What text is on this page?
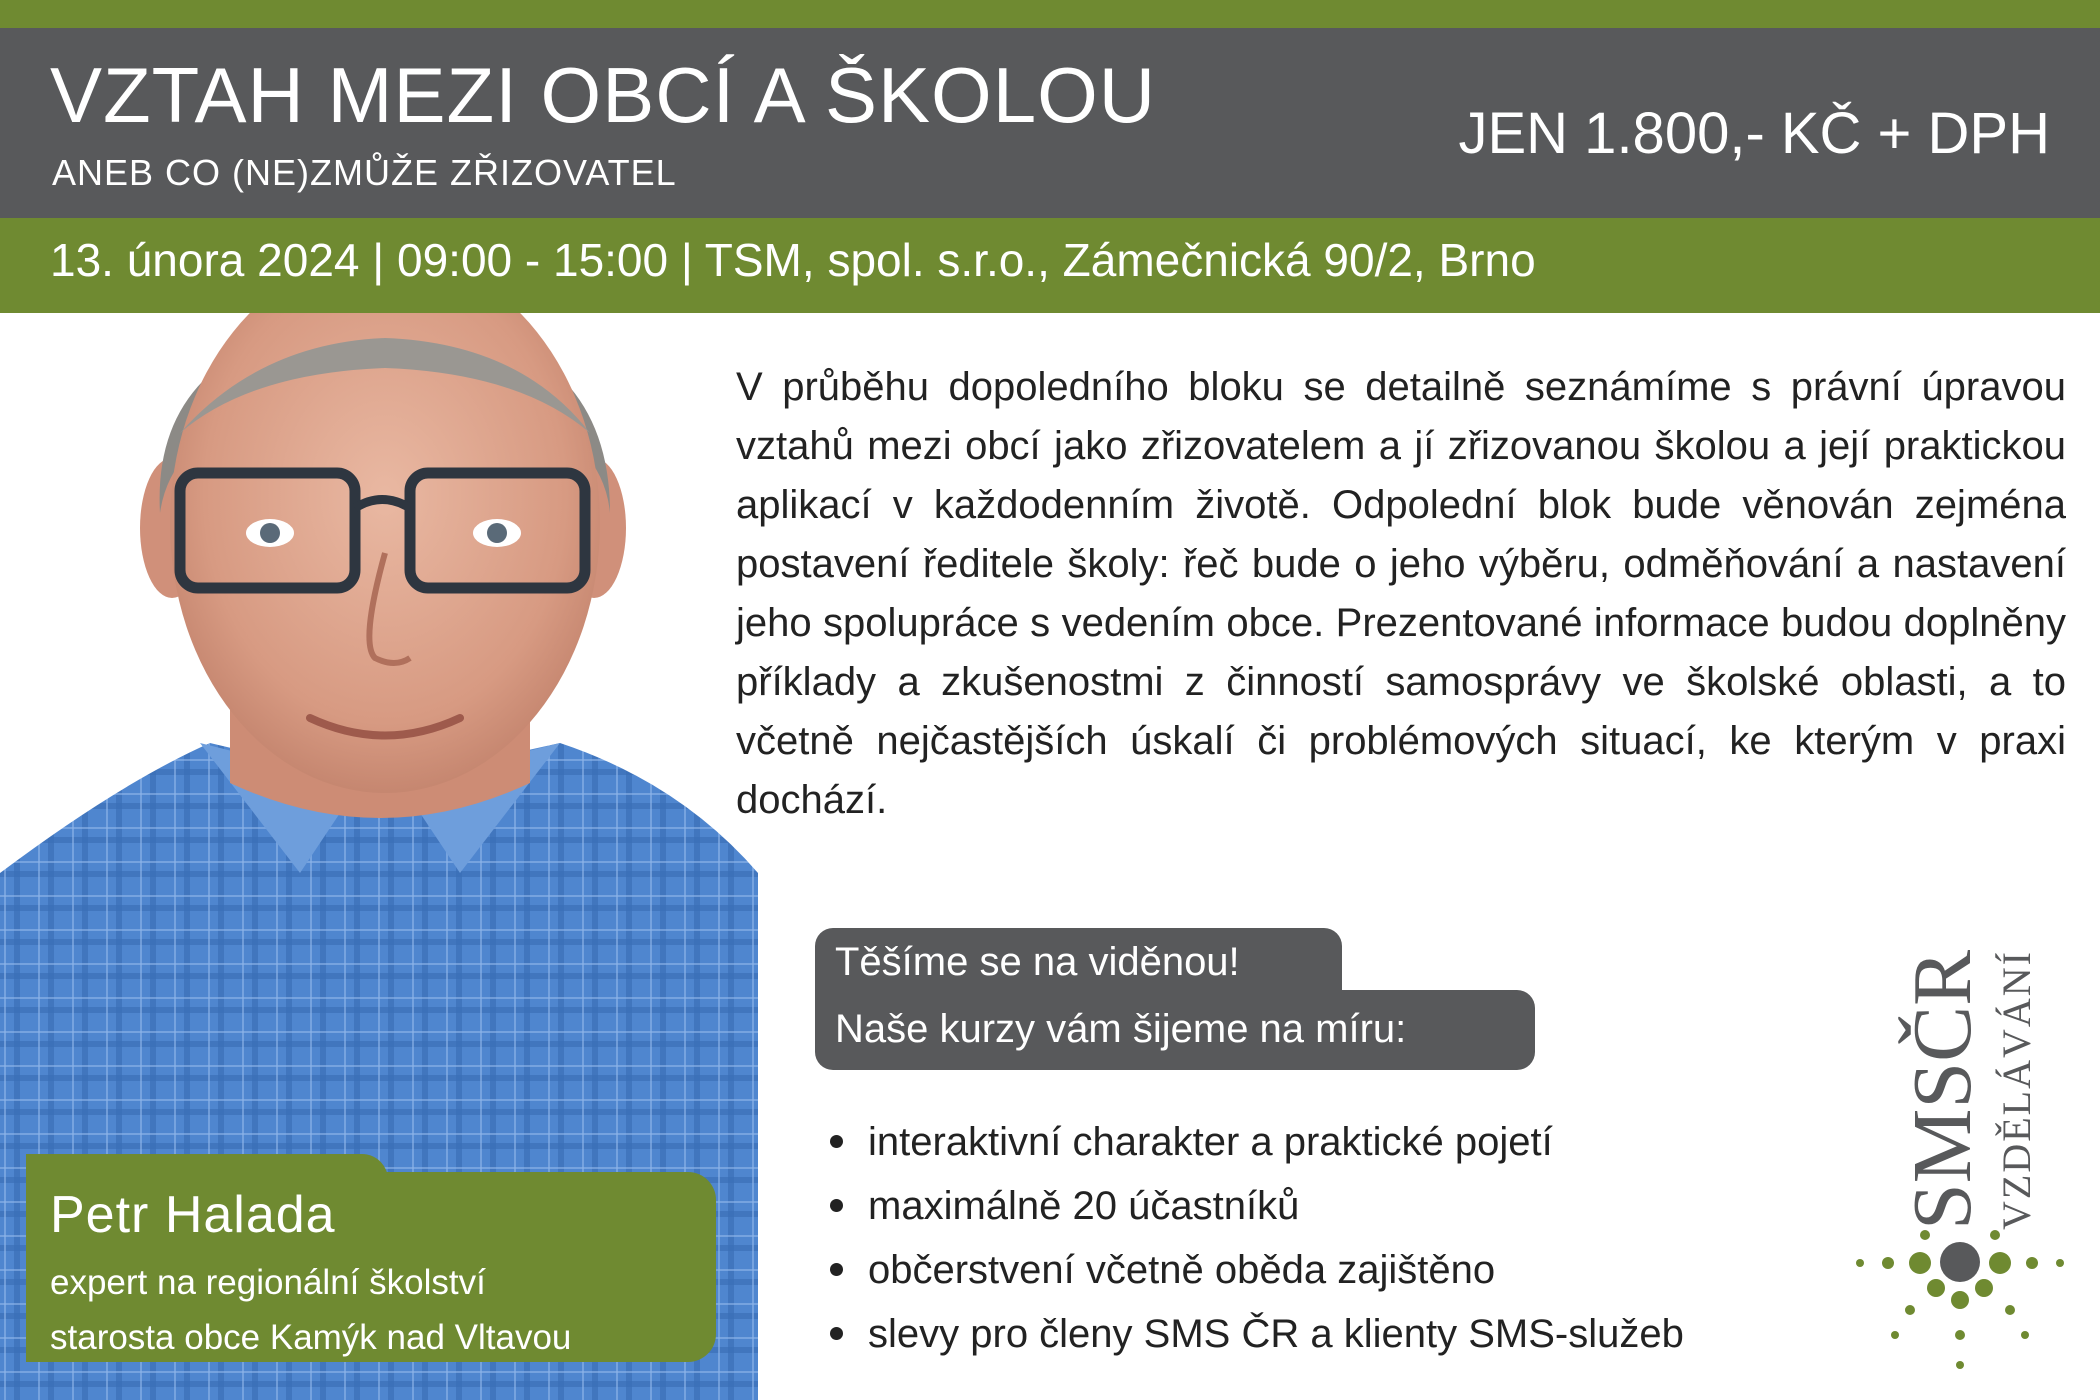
VZTAH MEZI OBCÍ A ŠKOLOU
ANEB CO (NE)ZMŮŽE ZŘIZOVATEL
JEN 1.800,- KČ + DPH
13. února 2024 | 09:00 - 15:00 | TSM, spol. s.r.o., Zámečnická 90/2, Brno
Petr Halada
expert na regionální školství
starosta obce Kamýk nad Vltavou
V průběhu dopoledního bloku se detailně seznámíme s právní úpravou vztahů mezi obcí jako zřizovatelem a jí zřizovanou školou a její praktickou aplikací v každodenním životě. Odpolední blok bude věnován zejména postavení ředitele školy: řeč bude o jeho výběru, odměňování a nastavení jeho spolupráce s vedením obce. Prezentované informace budou doplněny příklady a zkušenostmi z činností samosprávy ve školské oblasti, a to včetně nejčastějších úskalí či problémových situací, ke kterým v praxi dochází.
Těšíme se na viděnou!
Naše kurzy vám šijeme na míru:
interaktivní charakter a praktické pojetí
maximálně 20 účastníků
občerstvení včetně oběda zajištěno
slevy pro členy SMS ČR a klienty SMS-služeb
SMSČR VZDĚLÁVÁNÍ
